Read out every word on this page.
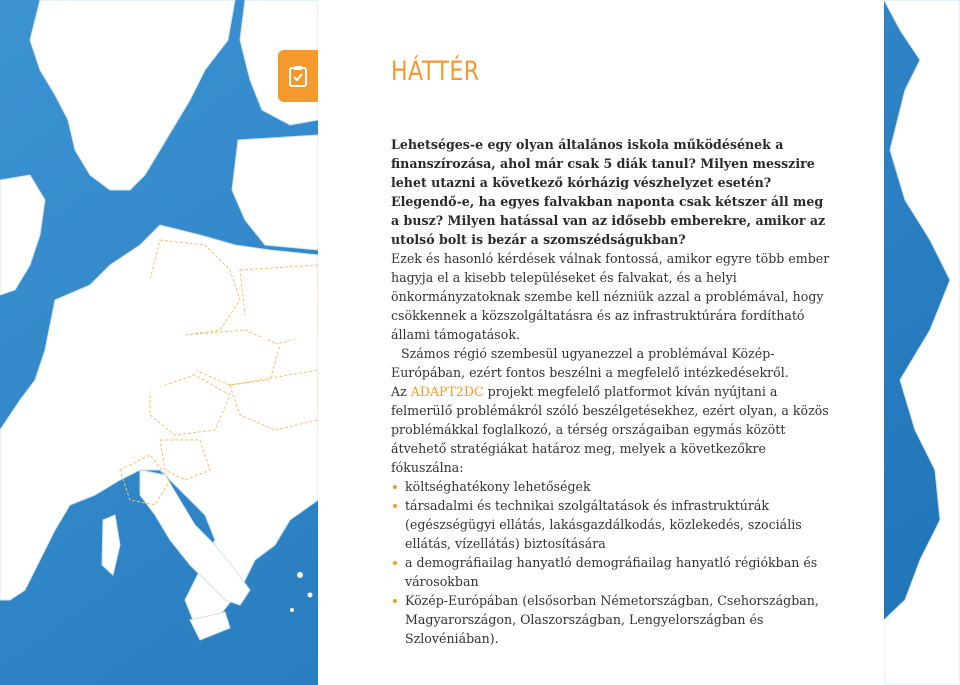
HÁTTÉR

Lehetséges-e egy olyan általános iskola működésének a finanszírozása, ahol már csak 5 diák tanul? Milyen messzire lehet utazni a következő kórházig vészhelyzet esetén? Elegendő-e, ha egyes falvakban naponta csak kétszer áll meg a busz? Milyen hatással van az idősebb emberekre, amikor az utolsó bolt is bezár a szomszédságukban?

Ezek és hasonló kérdések válnak fontossá, amikor egyre több ember hagyja el a kisebb településeket és falvakat, és a helyi önkormányzatoknak szembe kell nézniük azzal a problémával, hogy csökkennek a közszolgáltatásra és az infrastruktúrára fordítható állami támogatások.

Számos régió szembesül ugyanezzel a problémával Közép-Európában, ezért fontos beszélni a megfelelő intézkedésekről.

Az ADAPT2DC projekt megfelelő platformot kíván nyújtani a felmerülő problémákról szóló beszélgetésekhez, ezért olyan, a közös problémákkal foglalkozó, a térség országaiban egymás között átvehető stratégiákat határoz meg, melyek a következőkre fókuszálna:

költséghatékony lehetőségek
társadalmi és technikai szolgáltatások és infrastruktúrák (egészségügyi ellátás, lakásgazdálkodás, közlekedés, szociális ellátás, vízellátás) biztosítására
a demográfiailag hanyatló demográfiailag hanyatló régiókban és városokban
Közép-Európában (elsősorban Németországban, Csehországban, Magyarországon, Olaszországban, Lengyelországban és Szlovéniában).
